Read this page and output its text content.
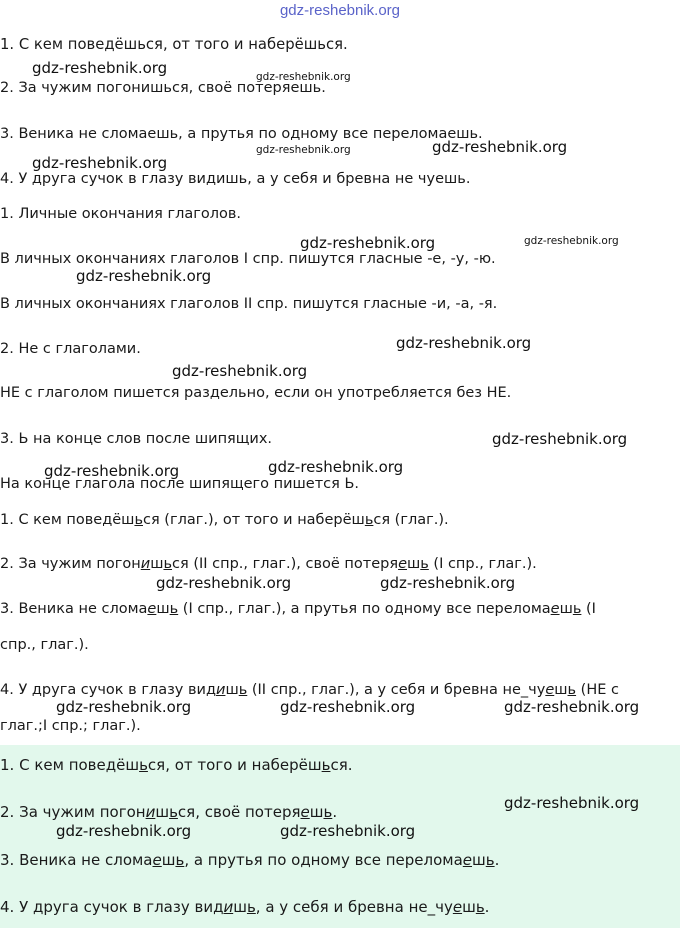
gdz-reshebnik.org
1. С кем поведёшься, от того и наберёшься.
2. За чужим погонишься, своё потеряешь.
3. Веника не сломаешь, а прутья по одному все переломаешь.
4. У друга сучок в глазу видишь, а у себя и бревна не чуешь.
1. Личные окончания глаголов.
В личных окончаниях глаголов I спр. пишутся гласные -е, -у, -ю.
В личных окончаниях глаголов II спр. пишутся гласные -и, -а, -я.
2. Не с глаголами.
НЕ с глаголом пишется раздельно, если он употребляется без НЕ.
3. Ь на конце слов после шипящих.
На конце глагола после шипящего пишется Ь.
1. С кем поведёшься (глаг.), от того и наберёшься (глаг.).
2. За чужим погонишься (II спр., глаг.), своё потеряешь (I спр., глаг.).
3. Веника не сломаешь (I спр., глаг.), а прутья по одному все переломаешь (I
спр., глаг.).
4. У друга сучок в глазу видишь (II спр., глаг.), а у себя и бревна не_чуешь (НЕ с
глаг.;I спр.; глаг.).
1. С кем поведёшься, от того и наберёшься.
2. За чужим погонишься, своё потеряешь.
3. Веника не сломаешь, а прутья по одному все переломаешь.
4. У друга сучок в глазу видишь, а у себя и бревна не_чуешь.
gdz-reshebnik.org	gdz-reshebnik.org
gdz-reshebnik.org	gdz-reshebnik.org
gdz-reshebnik.org
gdz-reshebnik.org	gdz-reshebnik.org
gdz-reshebnik.org
gdz-reshebnik.org
gdz-reshebnik.org
gdz-reshebnik.org
gdz-reshebnik.org
gdz-reshebnik.org
gdz-reshebnik.org	gdz-reshebnik.org
gdz-reshebnik.org	gdz-reshebnik.org	gdz-reshebnik.org
gdz-reshebnik.org
gdz-reshebnik.org	gdz-reshebnik.org
